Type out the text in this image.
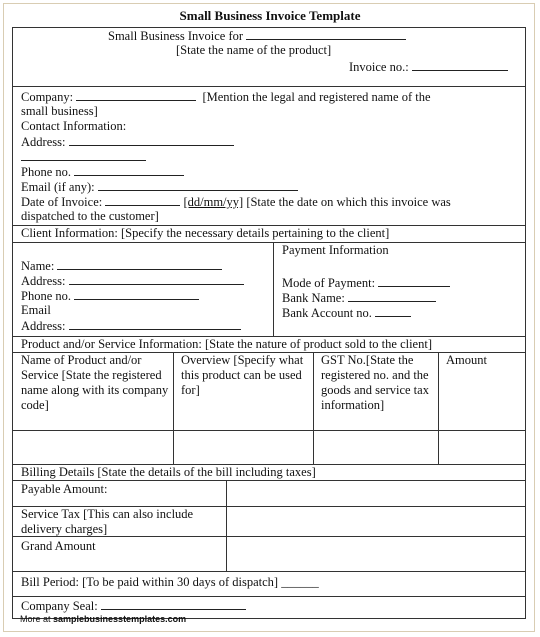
Small Business Invoice Template
Small Business Invoice for
[State the name of the product]
Invoice no.:
Company:	[Mention the legal and registered name of the
small business]
Contact Information:
Address:
Phone no.
Email (if any):
Date of Invoice:	[dd/mm/yy] [State the date on which this invoice was
dispatched to the customer]
Client Information: [Specify the necessary details pertaining to the client]
Name:
Address:
Phone no.
Email
Address:
Payment Information
Mode of Payment:
Bank Name:
Bank Account no.
Product and/or Service Information: [State the nature of product sold to the client]
Name of Product and/or Service [State the registered name along with its company code]
Overview [Specify what this product can be used for]
GST No.[State the registered no. and the goods and service tax information]
Amount
Billing Details [State the details of the bill including taxes]
Payable Amount:
Service Tax [This can also include delivery charges]
Grand Amount
Bill Period: [To be paid within 30 days of dispatch] ______
Company Seal:
More at samplebusinesstemplates.com
